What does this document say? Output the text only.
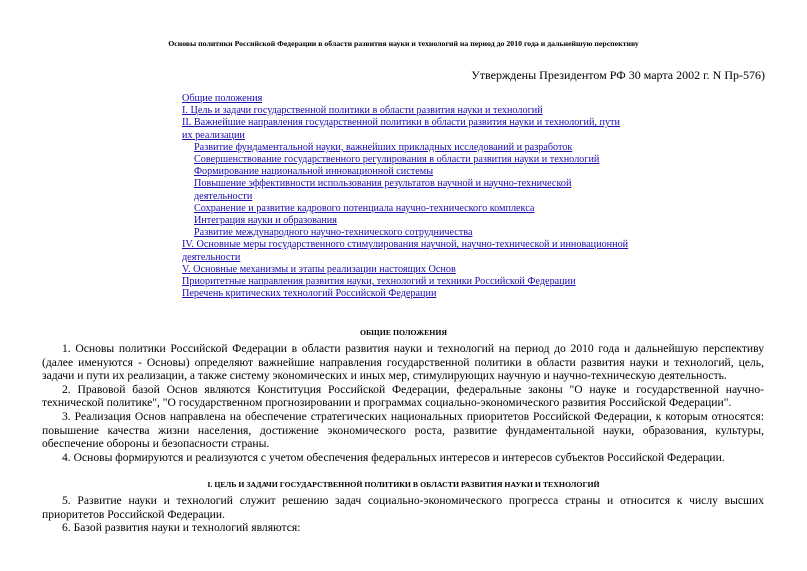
Основы политики Российской Федерации в области развития науки и технологий на период до 2010 года и дальнейшую перспективу
Утверждены Президентом РФ 30 марта 2002 г. N Пр-576)
Общие положения
I. Цель и задачи государственной политики в области развития науки и технологий
II. Важнейшие направления государственной политики в области развития науки и технологий, пути их реализации
Развитие фундаментальной науки, важнейших прикладных исследований и разработок
Совершенствование государственного регулирования в области развития науки и технологий
Формирование национальной инновационной системы
Повышение эффективности использования результатов научной и научно-технической деятельности
Сохранение и развитие кадрового потенциала научно-технического комплекса
Интеграция науки и образования
Развитие международного научно-технического сотрудничества
IV. Основные меры государственного стимулирования научной, научно-технической и инновационной деятельности
V. Основные механизмы и этапы реализации настоящих Основ
Приоритетные направления развития науки, технологий и техники Российской Федерации
Перечень критических технологий Российской Федерации
ОБЩИЕ ПОЛОЖЕНИЯ

1. Основы политики Российской Федерации в области развития науки и технологий на период до 2010 года и дальнейшую перспективу (далее именуются - Основы) определяют важнейшие направления государственной политики в области развития науки и технологий, цель, задачи и пути их реализации, а также систему экономических и иных мер, стимулирующих научную и научно-техническую деятельность.

2. Правовой базой Основ являются Конституция Российской Федерации, федеральные законы "О науке и государственной научно-технической политике", "О государственном прогнозировании и программах социально-экономического развития Российской Федерации".

3. Реализация Основ направлена на обеспечение стратегических национальных приоритетов Российской Федерации, к которым относятся: повышение качества жизни населения, достижение экономического роста, развитие фундаментальной науки, образования, культуры, обеспечение обороны и безопасности страны.

4. Основы формируются и реализуются с учетом обеспечения федеральных интересов и интересов субъектов Российской Федерации.

I. ЦЕЛЬ И ЗАДАЧИ ГОСУДАРСТВЕННОЙ ПОЛИТИКИ В ОБЛАСТИ РАЗВИТИЯ НАУКИ И ТЕХНОЛОГИЙ

5. Развитие науки и технологий служит решению задач социально-экономического прогресса страны и относится к числу высших приоритетов Российской Федерации.

6. Базой развития науки и технологий являются:
